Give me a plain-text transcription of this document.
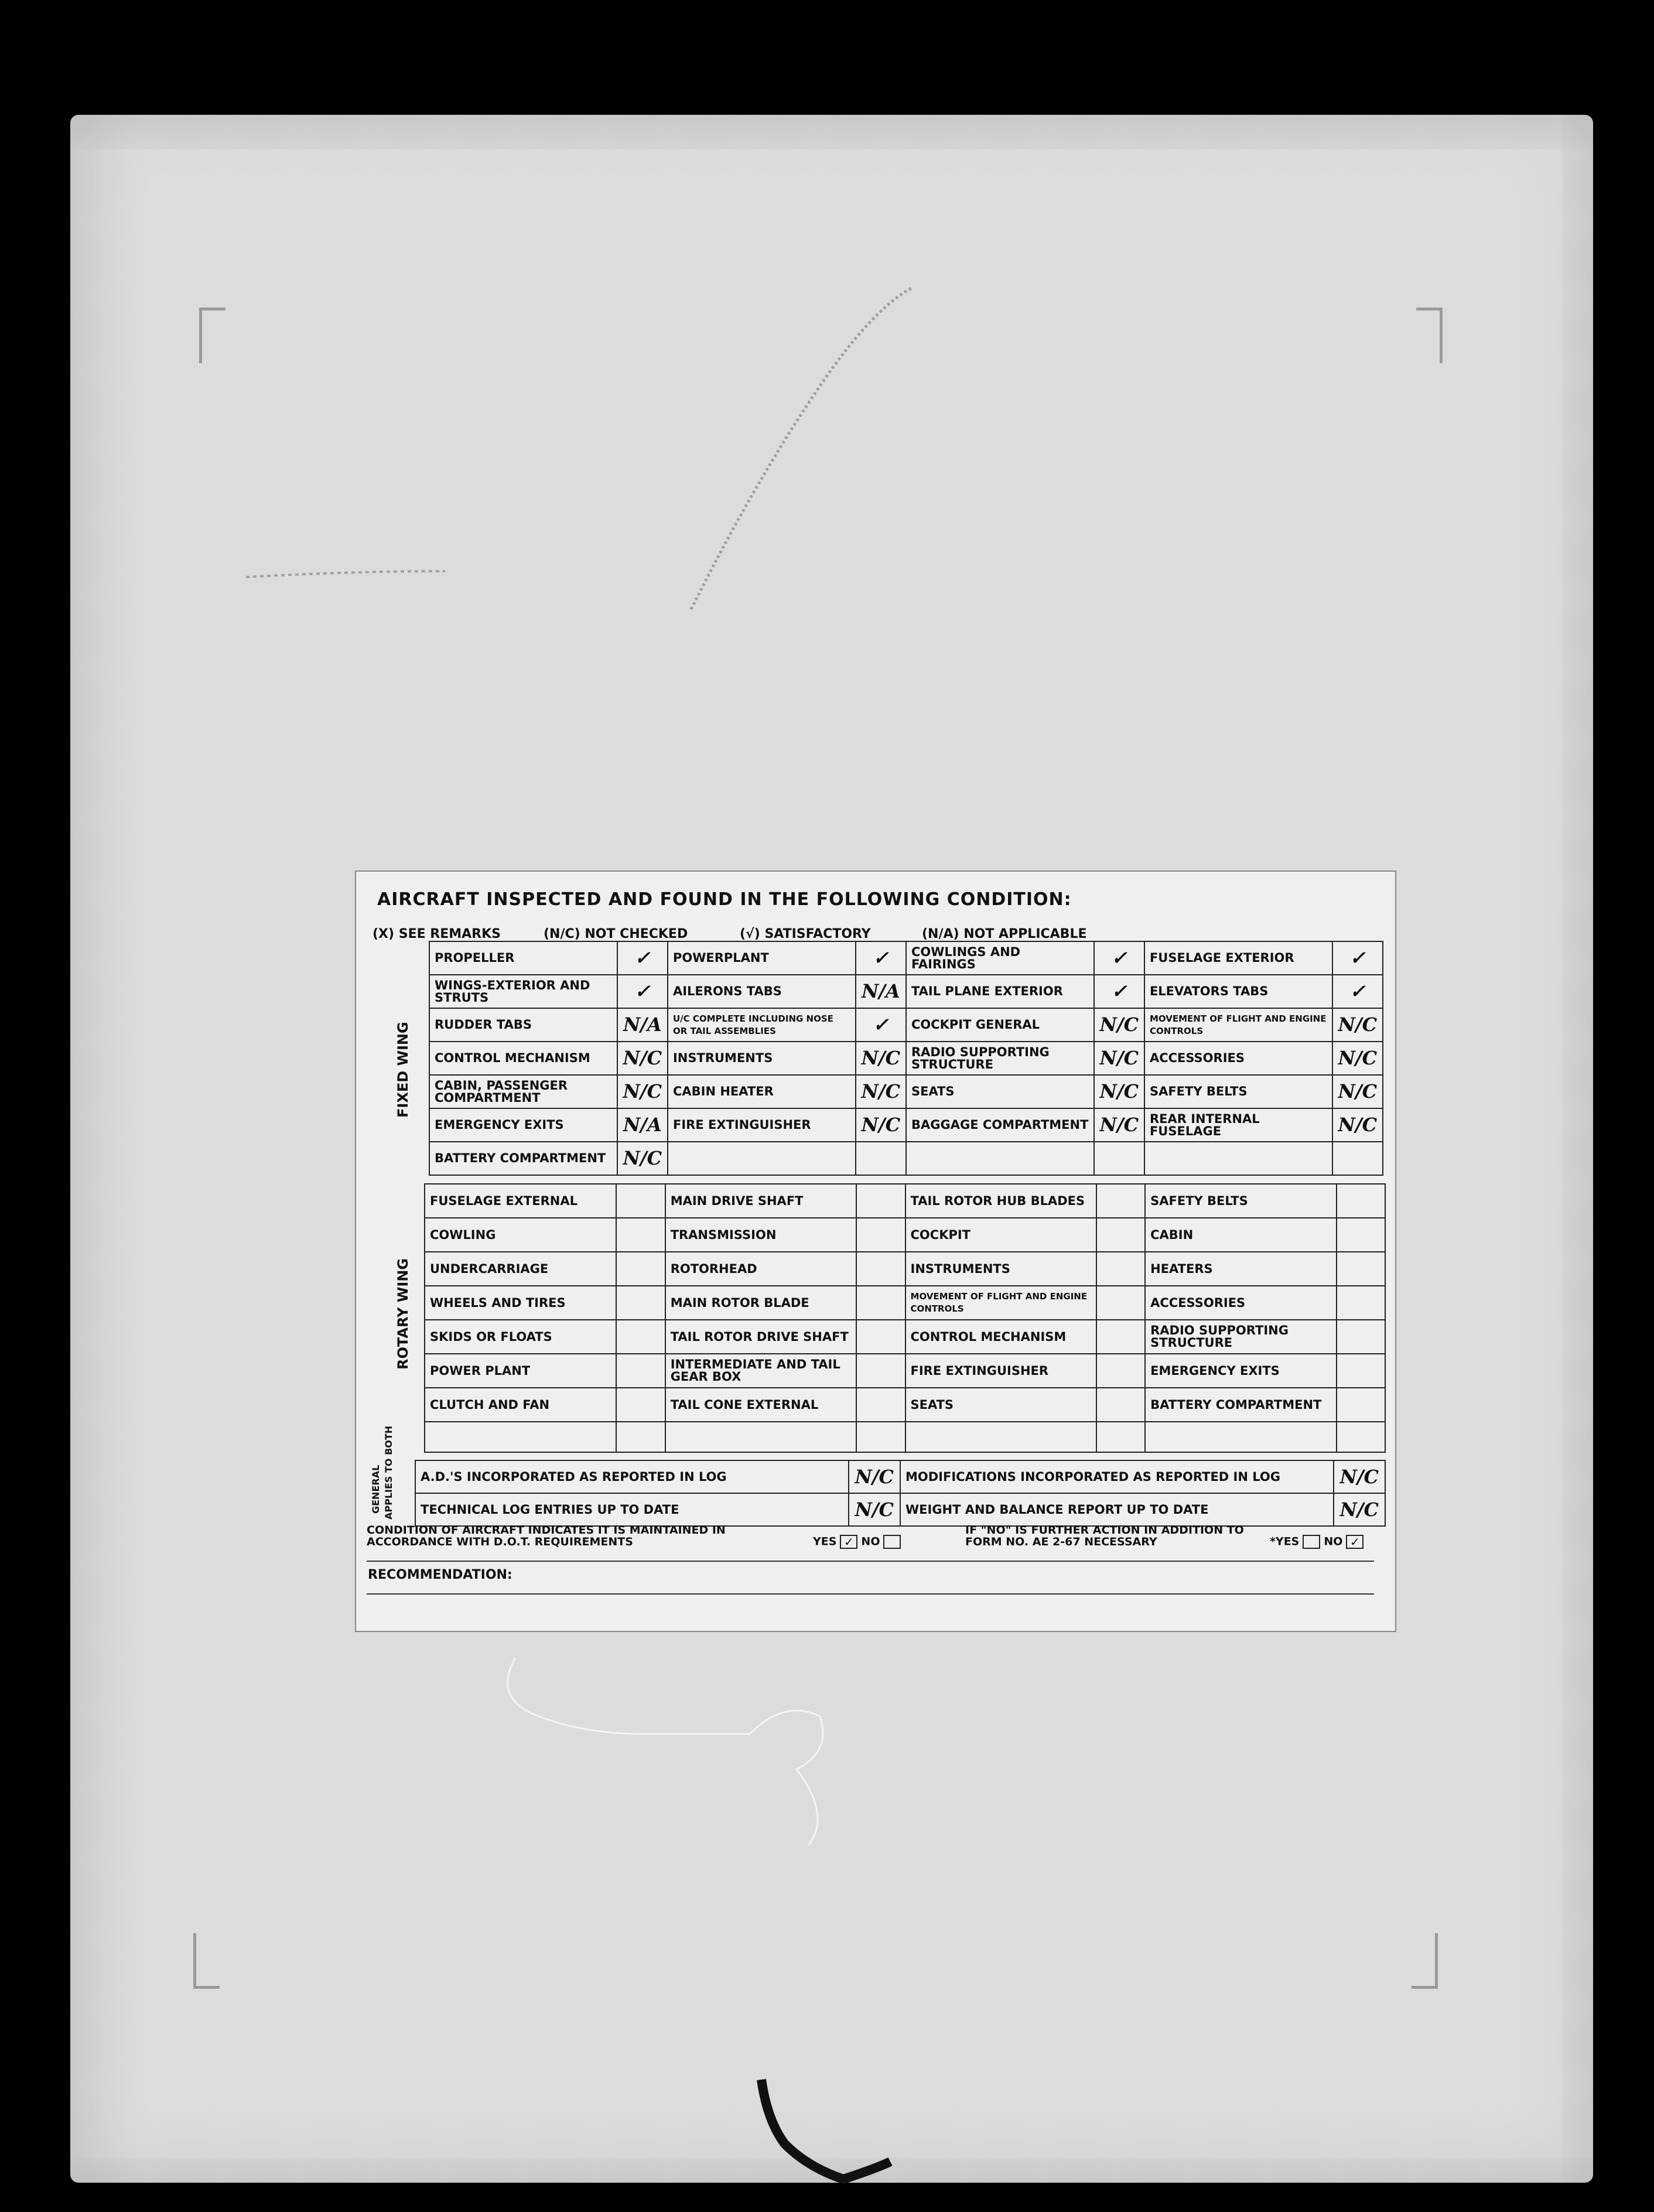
AIRCRAFT INSPECTED AND FOUND IN THE FOLLOWING CONDITION:
(X) SEE REMARKS	(N/C) NOT CHECKED	(√) SATISFACTORY	(N/A) NOT APPLICABLE
FIXED WING
PROPELLER	✓	POWERPLANT	✓	COWLINGS AND FAIRINGS	✓	FUSELAGE EXTERIOR	✓
WINGS-EXTERIOR AND STRUTS	✓	AILERONS TABS	N/A	TAIL PLANE EXTERIOR	✓	ELEVATORS TABS	✓
RUDDER TABS	N/A	U/C COMPLETE INCLUDING NOSE OR TAIL ASSEMBLIES	✓	COCKPIT GENERAL	N/C	MOVEMENT OF FLIGHT AND ENGINE CONTROLS	N/C
CONTROL MECHANISM	N/C	INSTRUMENTS	N/C	RADIO SUPPORTING STRUCTURE	N/C	ACCESSORIES	N/C
CABIN, PASSENGER COMPARTMENT	N/C	CABIN HEATER	N/C	SEATS	N/C	SAFETY BELTS	N/C
EMERGENCY EXITS	N/A	FIRE EXTINGUISHER	N/C	BAGGAGE COMPARTMENT	N/C	REAR INTERNAL FUSELAGE	N/C
BATTERY COMPARTMENT	N/C						
ROTARY WING
FUSELAGE EXTERNAL		MAIN DRIVE SHAFT		TAIL ROTOR HUB BLADES		SAFETY BELTS	
COWLING		TRANSMISSION		COCKPIT		CABIN	
UNDERCARRIAGE		ROTORHEAD		INSTRUMENTS		HEATERS	
WHEELS AND TIRES		MAIN ROTOR BLADE		MOVEMENT OF FLIGHT AND ENGINE CONTROLS		ACCESSORIES	
SKIDS OR FLOATS		TAIL ROTOR DRIVE SHAFT		CONTROL MECHANISM		RADIO SUPPORTING STRUCTURE	
POWER PLANT		INTERMEDIATE AND TAIL GEAR BOX		FIRE EXTINGUISHER		EMERGENCY EXITS	
CLUTCH AND FAN		TAIL CONE EXTERNAL		SEATS		BATTERY COMPARTMENT	

GENERAL APPLIES TO BOTH A.D.'S INCORPORATED AS REPORTED IN LOG	N/C	MODIFICATIONS INCORPORATED AS REPORTED IN LOG	N/C
TECHNICAL LOG ENTRIES UP TO DATE	N/C	WEIGHT AND BALANCE REPORT UP TO DATE	N/C
CONDITION OF AIRCRAFT INDICATES IT IS MAINTAINED IN ACCORDANCE WITH D.O.T. REQUIREMENTS	YES ✓ NO
IF "NO" IS FURTHER ACTION IN ADDITION TO FORM NO. AE 2-67 NECESSARY	*YES NO ✓
RECOMMENDATION:
